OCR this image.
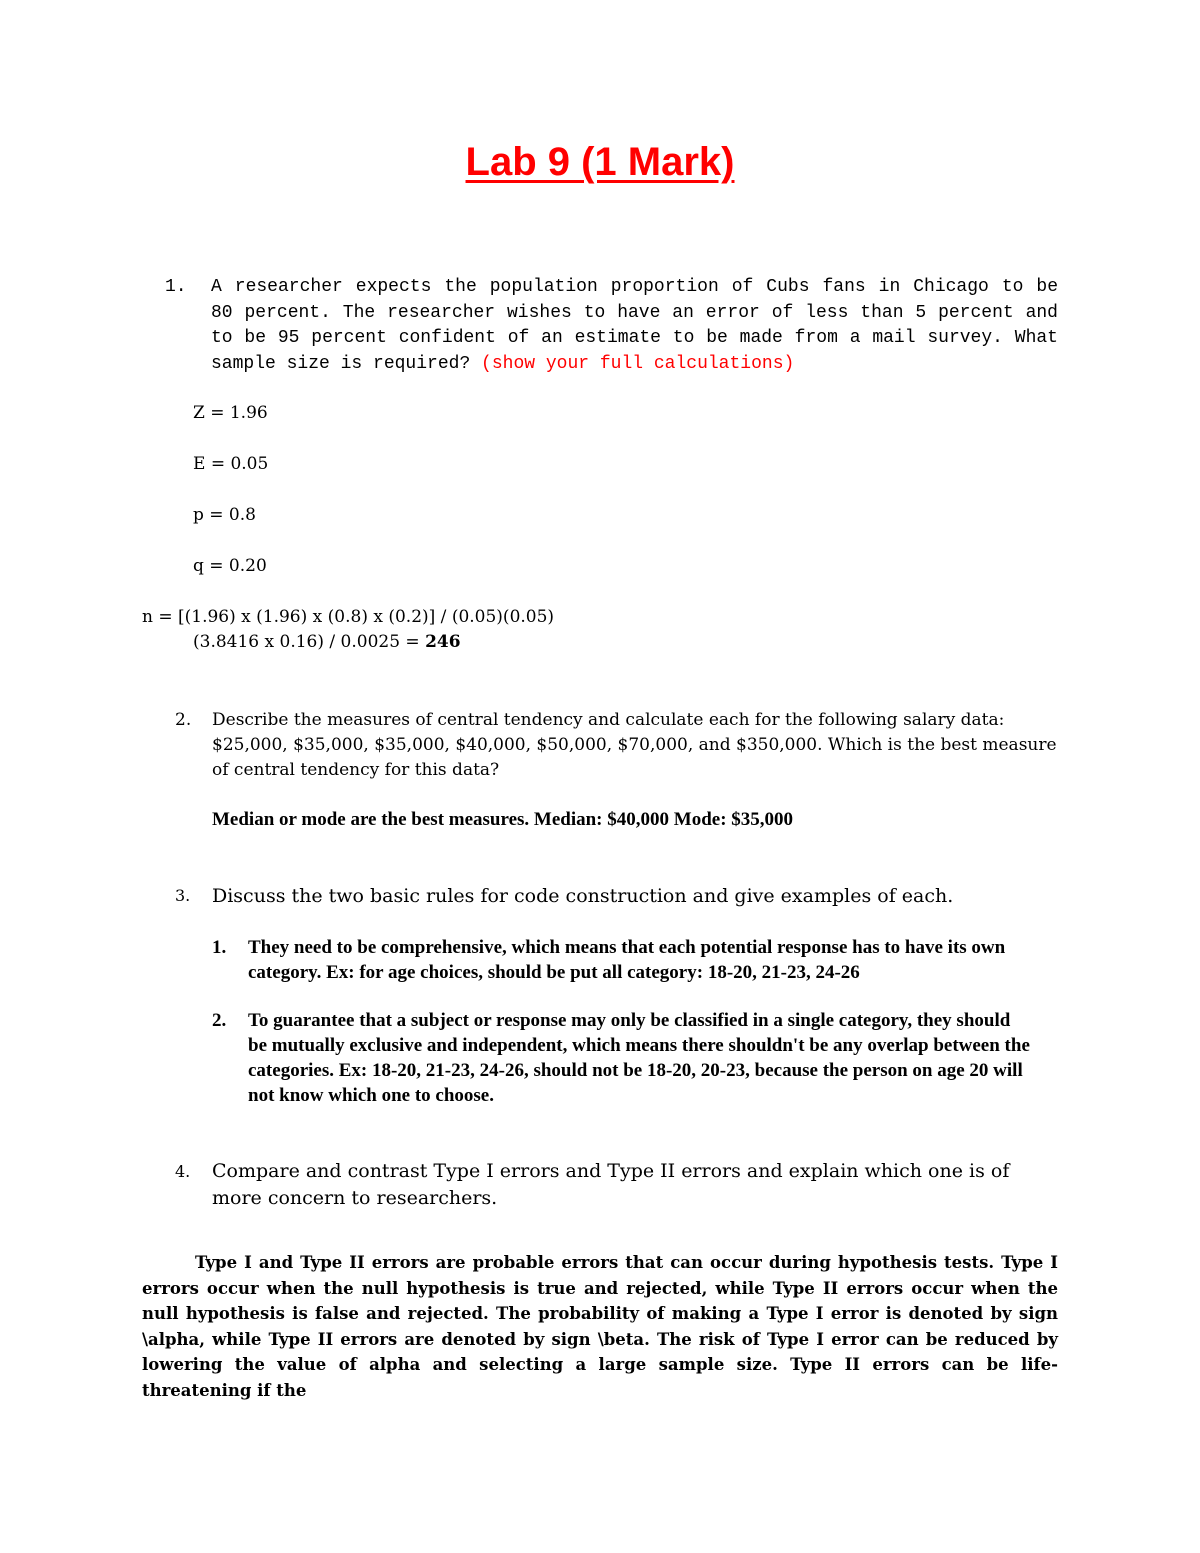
Lab 9 (1 Mark)
1. A researcher expects the population proportion of Cubs fans in Chicago to be 80 percent. The researcher wishes to have an error of less than 5 percent and to be 95 percent confident of an estimate to be made from a mail survey. What sample size is required? (show your full calculations)
Z = 1.96
E = 0.05
p = 0.8
q = 0.20
n = [(1.96) x (1.96) x (0.8) x (0.2)] / (0.05)(0.05)
(3.8416 x 0.16) / 0.0025 = 246
2. Describe the measures of central tendency and calculate each for the following salary data: $25,000, $35,000, $35,000, $40,000, $50,000, $70,000, and $350,000. Which is the best measure of central tendency for this data?
Median or mode are the best measures. Median: $40,000 Mode: $35,000
3. Discuss the two basic rules for code construction and give examples of each.
1. They need to be comprehensive, which means that each potential response has to have its own category. Ex: for age choices, should be put all category: 18-20, 21-23, 24-26
2. To guarantee that a subject or response may only be classified in a single category, they should be mutually exclusive and independent, which means there shouldn't be any overlap between the categories. Ex: 18-20, 21-23, 24-26, should not be 18-20, 20-23, because the person on age 20 will not know which one to choose.
4. Compare and contrast Type I errors and Type II errors and explain which one is of more concern to researchers.
Type I and Type II errors are probable errors that can occur during hypothesis tests. Type I errors occur when the null hypothesis is true and rejected, while Type II errors occur when the null hypothesis is false and rejected. The probability of making a Type I error is denoted by sign \alpha, while Type II errors are denoted by sign \beta. The risk of Type I error can be reduced by lowering the value of alpha and selecting a large sample size. Type II errors can be life-threatening if the
